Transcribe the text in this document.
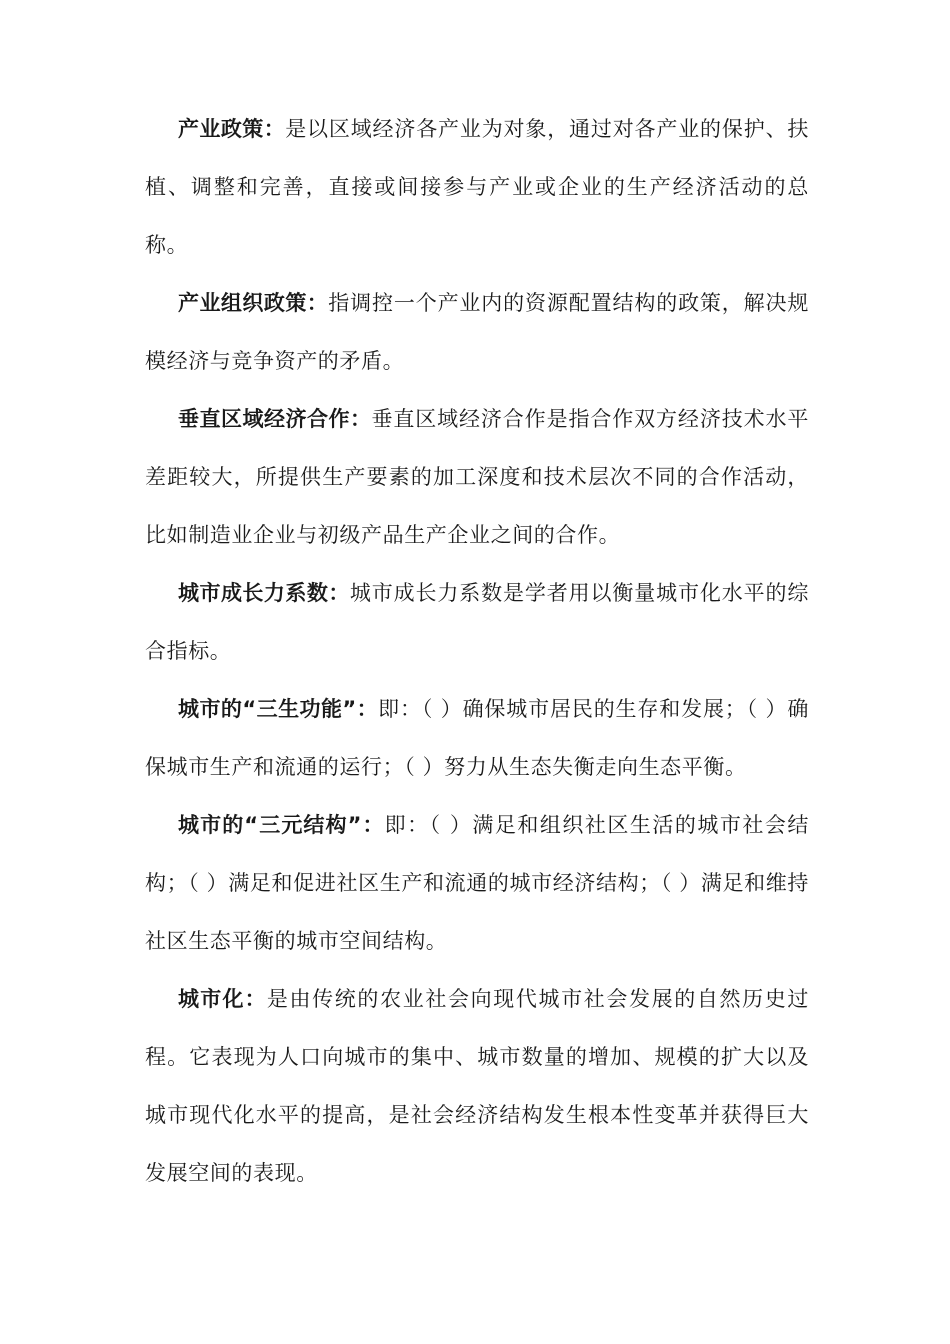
产业政策：是以区域经济各产业为对象，通过对各产业的保护、扶植、调整和完善，直接或间接参与产业或企业的生产经济活动的总称。

产业组织政策：指调控一个产业内的资源配置结构的政策，解决规模经济与竞争资产的矛盾。

垂直区域经济合作：垂直区域经济合作是指合作双方经济技术水平差距较大，所提供生产要素的加工深度和技术层次不同的合作活动，比如制造业企业与初级产品生产企业之间的合作。

城市成长力系数：城市成长力系数是学者用以衡量城市化水平的综合指标。

城市的“三生功能”：即：（ ）确保城市居民的生存和发展；（ ）确保城市生产和流通的运行；（ ）努力从生态失衡走向生态平衡。

城市的“三元结构”：即：（ ）满足和组织社区生活的城市社会结构；（ ）满足和促进社区生产和流通的城市经济结构；（ ）满足和维持社区生态平衡的城市空间结构。

城市化：是由传统的农业社会向现代城市社会发展的自然历史过程。它表现为人口向城市的集中、城市数量的增加、规模的扩大以及城市现代化水平的提高，是社会经济结构发生根本性变革并获得巨大发展空间的表现。
